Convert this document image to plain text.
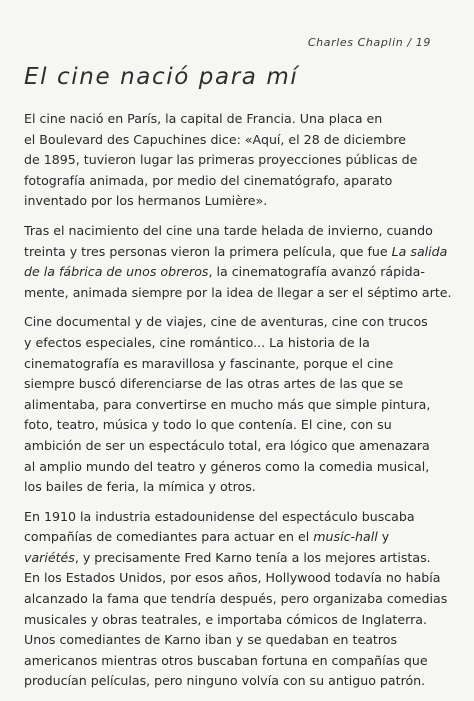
Charles Chaplin / 19
El cine nació para mí

El cine nació en París, la capital de Francia. Una placa en
el Boulevard des Capuchines dice: «Aquí, el 28 de diciembre
de 1895, tuvieron lugar las primeras proyecciones públicas de
fotografía animada, por medio del cinematógrafo, aparato
inventado por los hermanos Lumière».

Tras el nacimiento del cine una tarde helada de invierno, cuando
treinta y tres personas vieron la primera película, que fue La salida
de la fábrica de unos obreros, la cinematografía avanzó rápida-
mente, animada siempre por la idea de llegar a ser el séptimo arte.

Cine documental y de viajes, cine de aventuras, cine con trucos
y efectos especiales, cine romántico... La historia de la
cinematografía es maravillosa y fascinante, porque el cine
siempre buscó diferenciarse de las otras artes de las que se
alimentaba, para convertirse en mucho más que simple pintura,
foto, teatro, música y todo lo que contenía. El cine, con su
ambición de ser un espectáculo total, era lógico que amenazara
al amplio mundo del teatro y géneros como la comedia musical,
los bailes de feria, la mímica y otros.

En 1910 la industria estadounidense del espectáculo buscaba
compañías de comediantes para actuar en el music-hall y
variétés, y precisamente Fred Karno tenía a los mejores artistas.
En los Estados Unidos, por esos años, Hollywood todavía no había
alcanzado la fama que tendría después, pero organizaba comedias
musicales y obras teatrales, e importaba cómicos de Inglaterra.
Unos comediantes de Karno iban y se quedaban en teatros
americanos mientras otros buscaban fortuna en compañías que
producían películas, pero ninguno volvía con su antiguo patrón.
